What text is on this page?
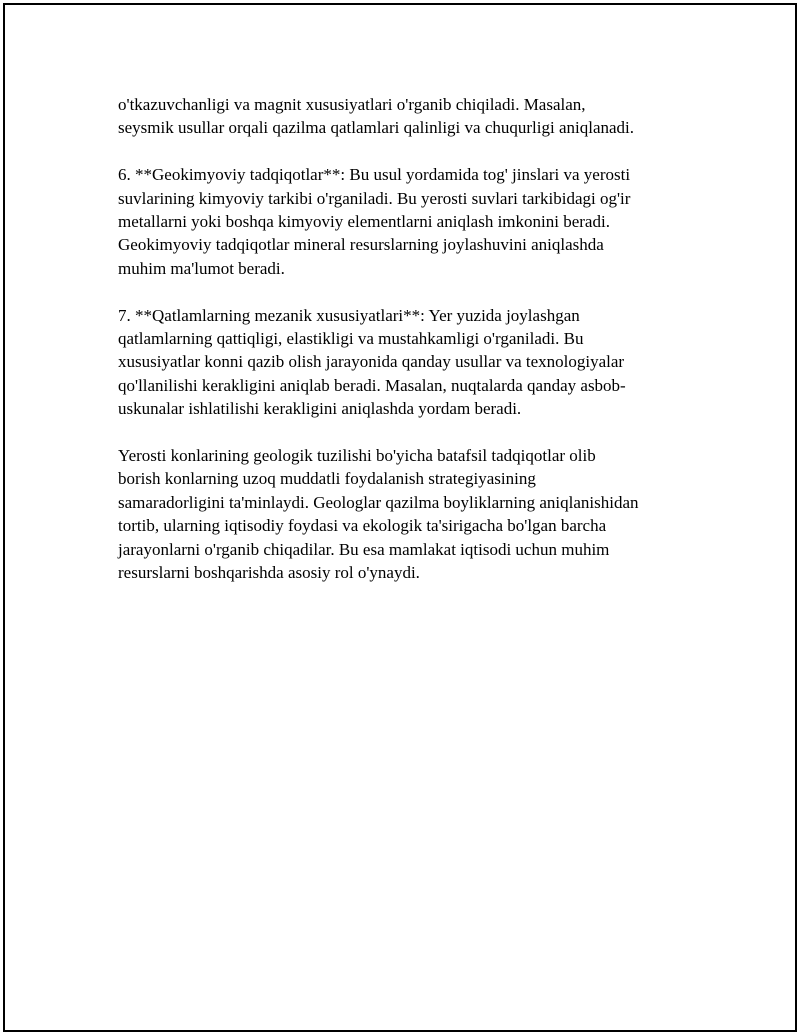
o'tkazuvchanligi va magnit xususiyatlari o'rganib chiqiladi. Masalan,
seysmik usullar orqali qazilma qatlamlari qalinligi va chuqurligi aniqlanadi.

6. **Geokimyoviy tadqiqotlar**: Bu usul yordamida tog' jinslari va yerosti
suvlarining kimyoviy tarkibi o'rganiladi. Bu yerosti suvlari tarkibidagi og'ir
metallarni yoki boshqa kimyoviy elementlarni aniqlash imkonini beradi.
Geokimyoviy tadqiqotlar mineral resurslarning joylashuvini aniqlashda
muhim ma'lumot beradi.

7. **Qatlamlarning mezanik xususiyatlari**: Yer yuzida joylashgan
qatlamlarning qattiqligi, elastikligi va mustahkamligi o'rganiladi. Bu
xususiyatlar konni qazib olish jarayonida qanday usullar va texnologiyalar
qo'llanilishi kerakligini aniqlab beradi. Masalan, nuqtalarda qanday asbob-
uskunalar ishlatilishi kerakligini aniqlashda yordam beradi.

Yerosti konlarining geologik tuzilishi bo'yicha batafsil tadqiqotlar olib
borish konlarning uzoq muddatli foydalanish strategiyasining
samaradorligini ta'minlaydi. Geologlar qazilma boyliklarning aniqlanishidan
tortib, ularning iqtisodiy foydasi va ekologik ta'sirigacha bo'lgan barcha
jarayonlarni o'rganib chiqadilar. Bu esa mamlakat iqtisodi uchun muhim
resurslarni boshqarishda asosiy rol o'ynaydi.
